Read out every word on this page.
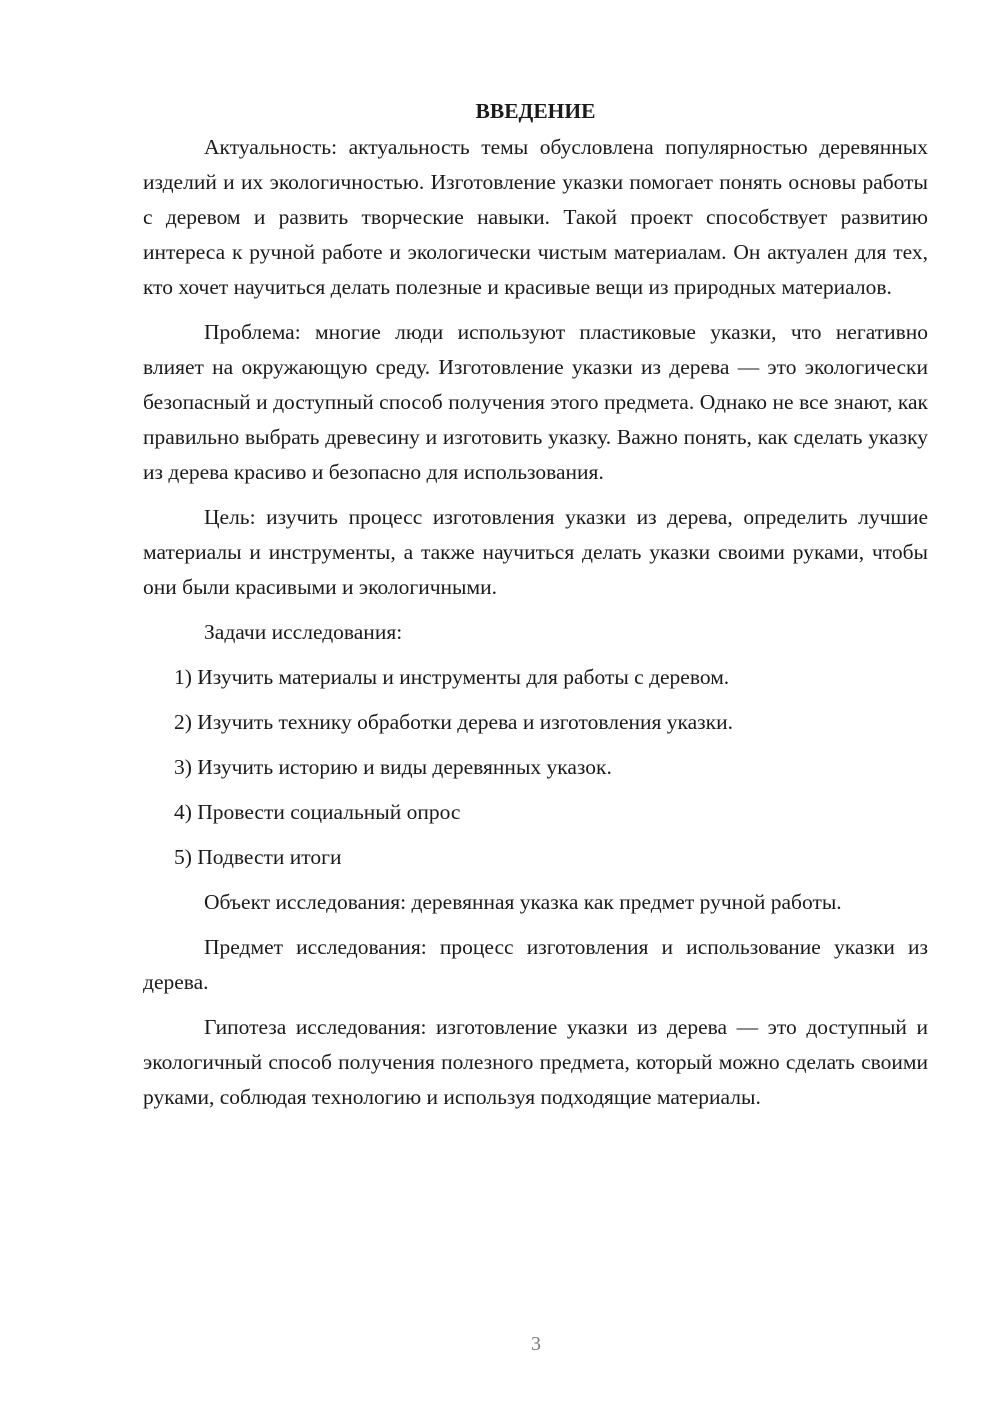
ВВЕДЕНИЕ

Актуальность: актуальность темы обусловлена популярностью деревянных изделий и их экологичностью. Изготовление указки помогает понять основы работы с деревом и развить творческие навыки. Такой проект способствует развитию интереса к ручной работе и экологически чистым материалам. Он актуален для тех, кто хочет научиться делать полезные и красивые вещи из природных материалов.

Проблема: многие люди используют пластиковые указки, что негативно влияет на окружающую среду. Изготовление указки из дерева — это экологически безопасный и доступный способ получения этого предмета. Однако не все знают, как правильно выбрать древесину и изготовить указку. Важно понять, как сделать указку из дерева красиво и безопасно для использования.

Цель: изучить процесс изготовления указки из дерева, определить лучшие материалы и инструменты, а также научиться делать указки своими руками, чтобы они были красивыми и экологичными.

Задачи исследования:

1) Изучить материалы и инструменты для работы с деревом.

2) Изучить технику обработки дерева и изготовления указки.

3) Изучить историю и виды деревянных указок.

4) Провести социальный опрос

5) Подвести итоги

Объект исследования: деревянная указка как предмет ручной работы.

Предмет исследования: процесс изготовления и использование указки из дерева.

Гипотеза исследования: изготовление указки из дерева — это доступный и экологичный способ получения полезного предмета, который можно сделать своими руками, соблюдая технологию и используя подходящие материалы.

3
